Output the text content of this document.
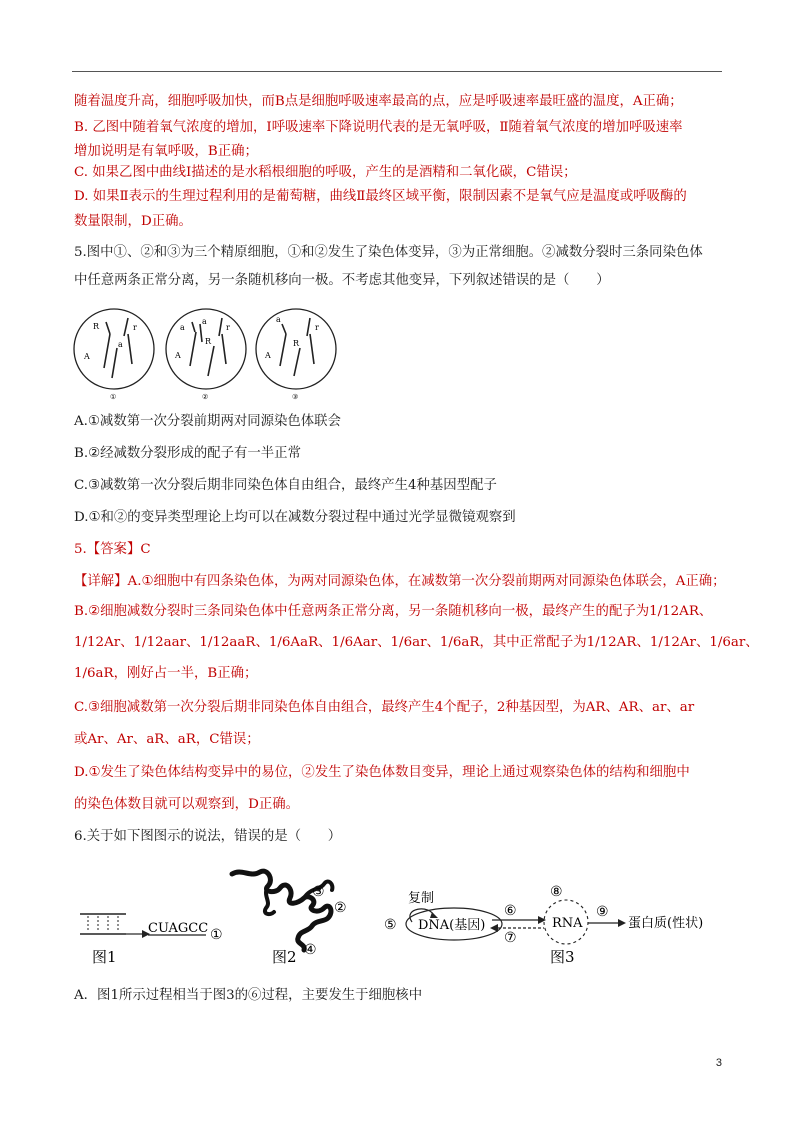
随着温度升高，细胞呼吸加快，而B点是细胞呼吸速率最高的点，应是呼吸速率最旺盛的温度，A正确；
B. 乙图中随着氧气浓度的增加，Ⅰ呼吸速率下降说明代表的是无氧呼吸，Ⅱ随着氧气浓度的增加呼吸速率
增加说明是有氧呼吸，B正确；
C. 如果乙图中曲线Ⅰ描述的是水稻根细胞的呼吸，产生的是酒精和二氧化碳，C错误；
D. 如果Ⅱ表示的生理过程利用的是葡萄糖，曲线Ⅱ最终区域平衡，限制因素不是氧气应是温度或呼吸酶的
数量限制，D正确。
5.图中①、②和③为三个精原细胞，①和②发生了染色体变异，③为正常细胞。②减数分裂时三条同染色体
中任意两条正常分离，另一条随机移向一极。不考虑其他变异，下列叙述错误的是（　　）
R	r
a
A
①
a
a
r
R
A
②
a
r
R
A
③
A.①减数第一次分裂前期两对同源染色体联会
B.②经减数分裂形成的配子有一半正常
C.③减数第一次分裂后期非同染色体自由组合，最终产生4种基因型配子
D.①和②的变异类型理论上均可以在减数分裂过程中通过光学显微镜观察到
5.【答案】C
【详解】A.①细胞中有四条染色体，为两对同源染色体，在减数第一次分裂前期两对同源染色体联会，A正确；
B.②细胞减数分裂时三条同染色体中任意两条正常分离，另一条随机移向一极，最终产生的配子为1/12AR、
1/12Ar、1/12aar、1/12aaR、1/6AaR、1/6Aar、1/6ar、1/6aR，其中正常配子为1/12AR、1/12Ar、1/6ar、
1/6aR，刚好占一半，B正确；
C.③细胞减数第一次分裂后期非同染色体自由组合，最终产生4个配子，2种基因型，为AR、AR、ar、ar
或Ar、Ar、aR、aR，C错误；
D.①发生了染色体结构变异中的易位，②发生了染色体数目变异，理论上通过观察染色体的结构和细胞中
的染色体数目就可以观察到，D正确。
6.关于如下图图示的说法，错误的是（　　）
CUAGCC ①
图1
③
②
④
图2
复制
⑤ DNA(基因)
⑥
⑦
⑧
RNA
⑨
蛋白质(性状)
图3
A．图1所示过程相当于图3的⑥过程，主要发生于细胞核中
3
